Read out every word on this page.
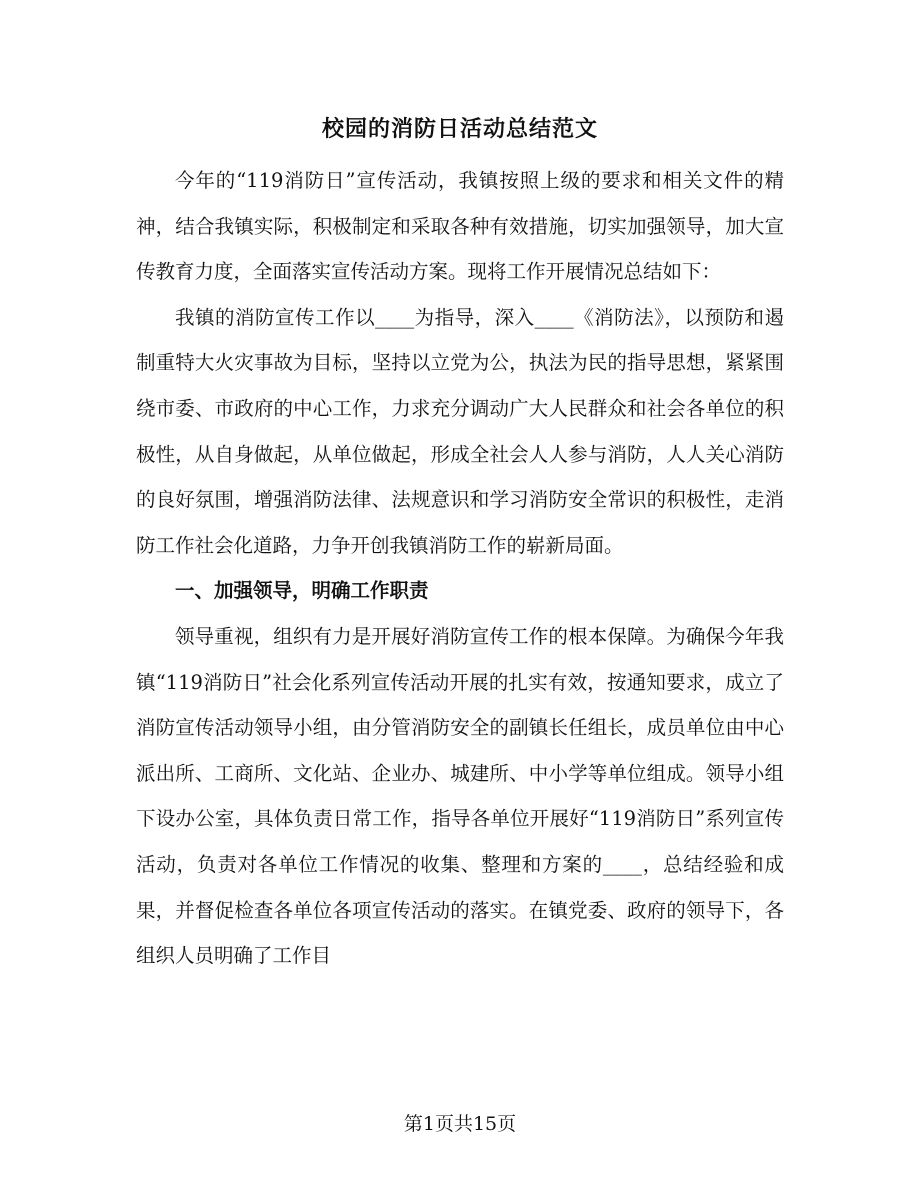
校园的消防日活动总结范文

今年的“119消防日”宣传活动，我镇按照上级的要求和相关文件的精神，结合我镇实际，积极制定和采取各种有效措施，切实加强领导，加大宣传教育力度，全面落实宣传活动方案。现将工作开展情况总结如下：

我镇的消防宣传工作以____为指导，深入____《消防法》，以预防和遏制重特大火灾事故为目标，坚持以立党为公，执法为民的指导思想，紧紧围绕市委、市政府的中心工作，力求充分调动广大人民群众和社会各单位的积极性，从自身做起，从单位做起，形成全社会人人参与消防，人人关心消防的良好氛围，增强消防法律、法规意识和学习消防安全常识的积极性，走消防工作社会化道路，力争开创我镇消防工作的崭新局面。

一、加强领导，明确工作职责

领导重视，组织有力是开展好消防宣传工作的根本保障。为确保今年我镇“119消防日”社会化系列宣传活动开展的扎实有效，按通知要求，成立了消防宣传活动领导小组，由分管消防安全的副镇长任组长，成员单位由中心派出所、工商所、文化站、企业办、城建所、中小学等单位组成。领导小组下设办公室，具体负责日常工作，指导各单位开展好“119消防日”系列宣传活动，负责对各单位工作情况的收集、整理和方案的____，总结经验和成果，并督促检查各单位各项宣传活动的落实。在镇党委、政府的领导下，各组织人员明确了工作目

第1页共15页
